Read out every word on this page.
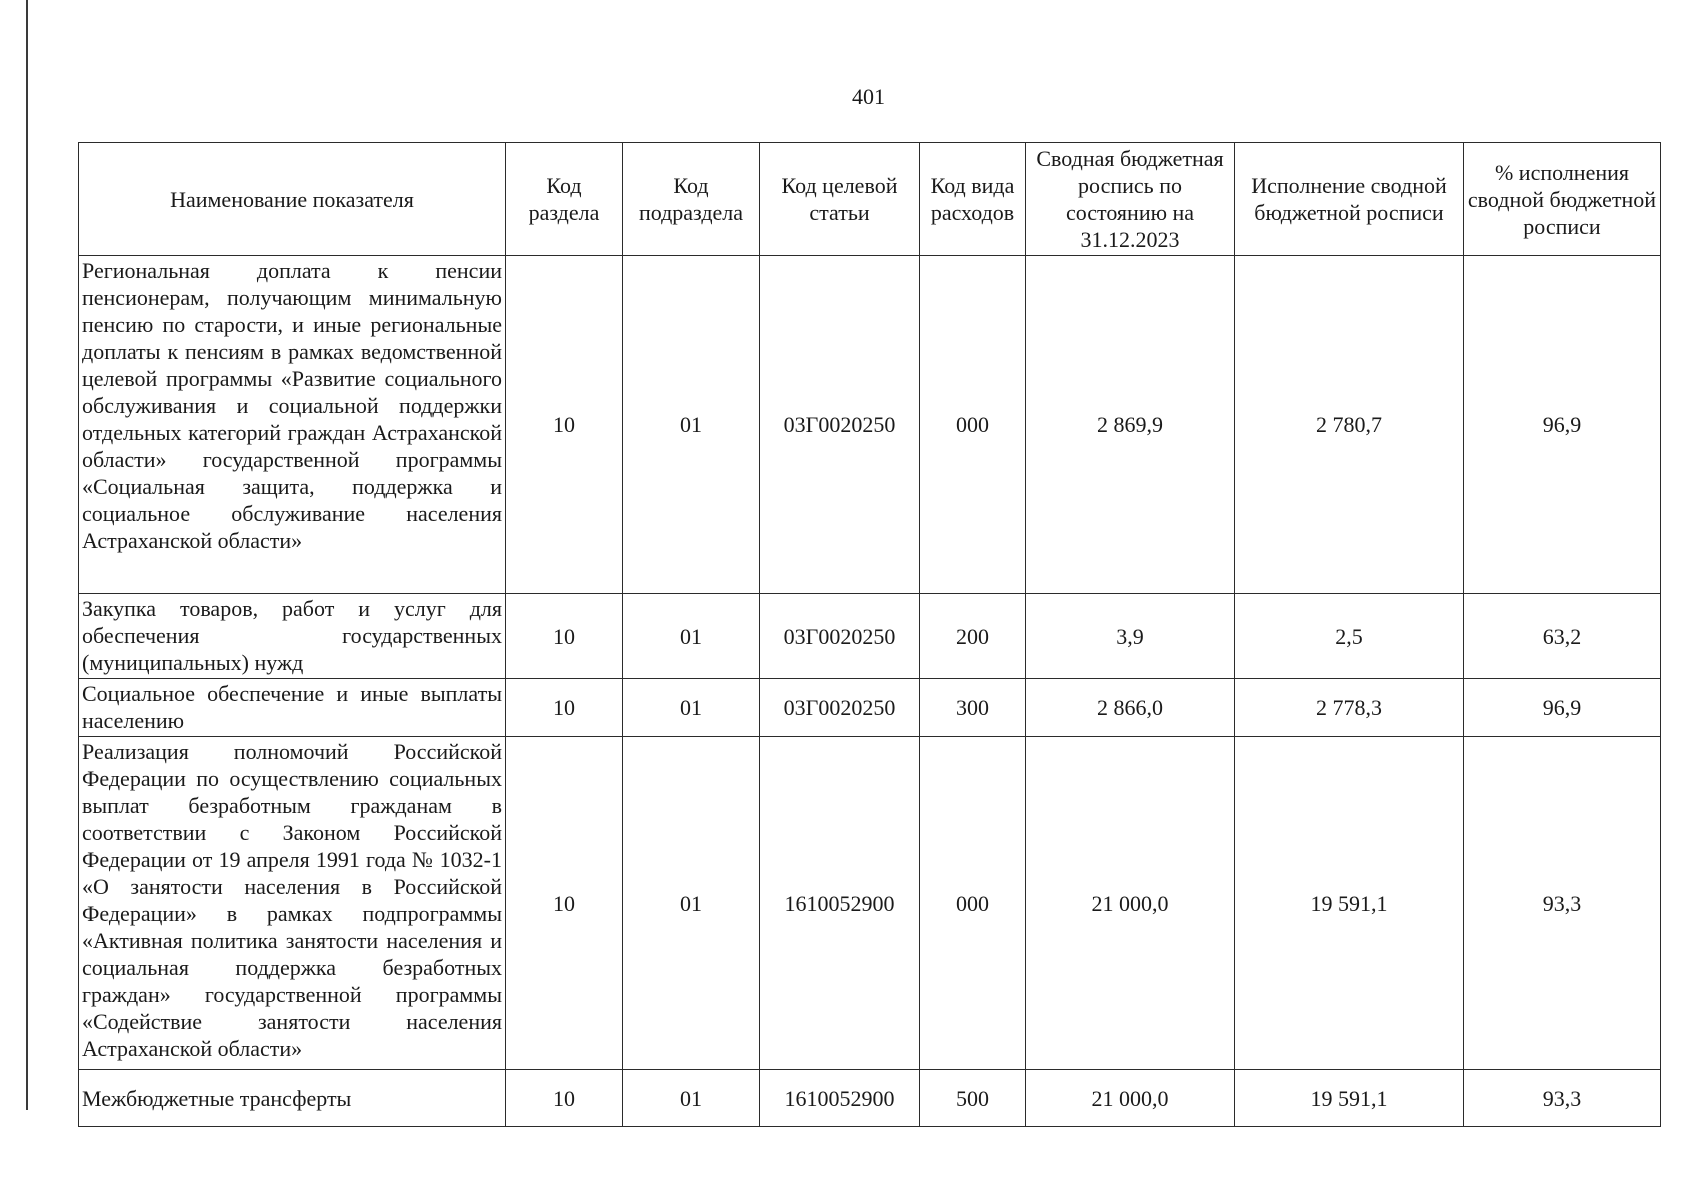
401
Наименование показателя	Код раздела	Код подраздела	Код целевой статьи	Код вида расходов	Сводная бюджетная роспись по состоянию на 31.12.2023	Исполнение сводной бюджетной росписи	% исполнения сводной бюджетной росписи
Региональная доплата к пенсии пенсионерам, получающим минимальную пенсию по старости, и иные региональные доплаты к пенсиям в рамках ведомственной целевой программы «Развитие социального обслуживания и социальной поддержки отдельных категорий граждан Астраханской области» государственной программы «Социальная защита, поддержка и социальное обслуживание населения Астраханской области»	10	01	03Г0020250	000	2 869,9	2 780,7	96,9
Закупка товаров, работ и услуг для обеспечения государственных (муниципальных) нужд	10	01	03Г0020250	200	3,9	2,5	63,2
Социальное обеспечение и иные выплаты населению	10	01	03Г0020250	300	2 866,0	2 778,3	96,9
Реализация полномочий Российской Федерации по осуществлению социальных выплат безработным гражданам в соответствии с Законом Российской Федерации от 19 апреля 1991 года № 1032-1 «О занятости населения в Российской Федерации» в рамках подпрограммы «Активная политика занятости населения и социальная поддержка безработных граждан» государственной программы «Содействие занятости населения Астраханской области»	10	01	1610052900	000	21 000,0	19 591,1	93,3
Межбюджетные трансферты	10	01	1610052900	500	21 000,0	19 591,1	93,3
